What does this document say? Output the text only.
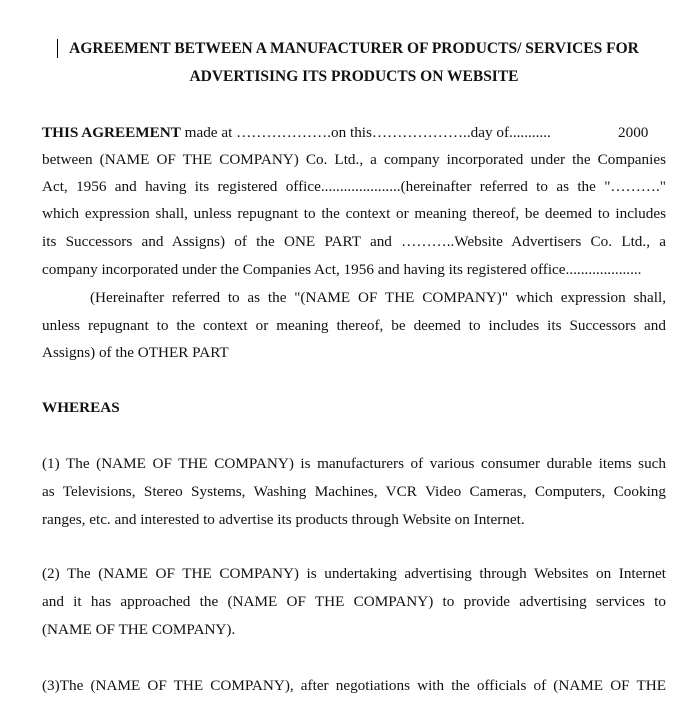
AGREEMENT BETWEEN A MANUFACTURER OF PRODUCTS/ SERVICES FOR
ADVERTISING ITS PRODUCTS ON WEBSITE
THIS AGREEMENT made at ……………….on this………………..day of...........	2000
between (NAME OF THE COMPANY) Co. Ltd., a company incorporated under the Companies
Act, 1956 and having its registered office.....................(hereinafter referred to as the "………."
which expression shall, unless repugnant to the context or meaning thereof, be deemed to includes
its Successors and Assigns) of the ONE PART and ………..Website Advertisers Co. Ltd., a
company incorporated under the Companies Act, 1956 and having its registered office....................
(Hereinafter referred to as the "(NAME OF THE COMPANY)" which expression shall,
unless repugnant to the context or meaning thereof, be deemed to includes its Successors and
Assigns) of the OTHER PART
WHEREAS
(1) The (NAME OF THE COMPANY) is manufacturers of various consumer durable items such
as Televisions, Stereo Systems, Washing Machines, VCR Video Cameras, Computers, Cooking
ranges, etc. and interested to advertise its products through Website on Internet.
(2) The (NAME OF THE COMPANY) is undertaking advertising through Websites on Internet
and it has approached the (NAME OF THE COMPANY) to provide advertising services to
(NAME OF THE COMPANY).
(3)The (NAME OF THE COMPANY), after negotiations with the officials of (NAME OF THE
